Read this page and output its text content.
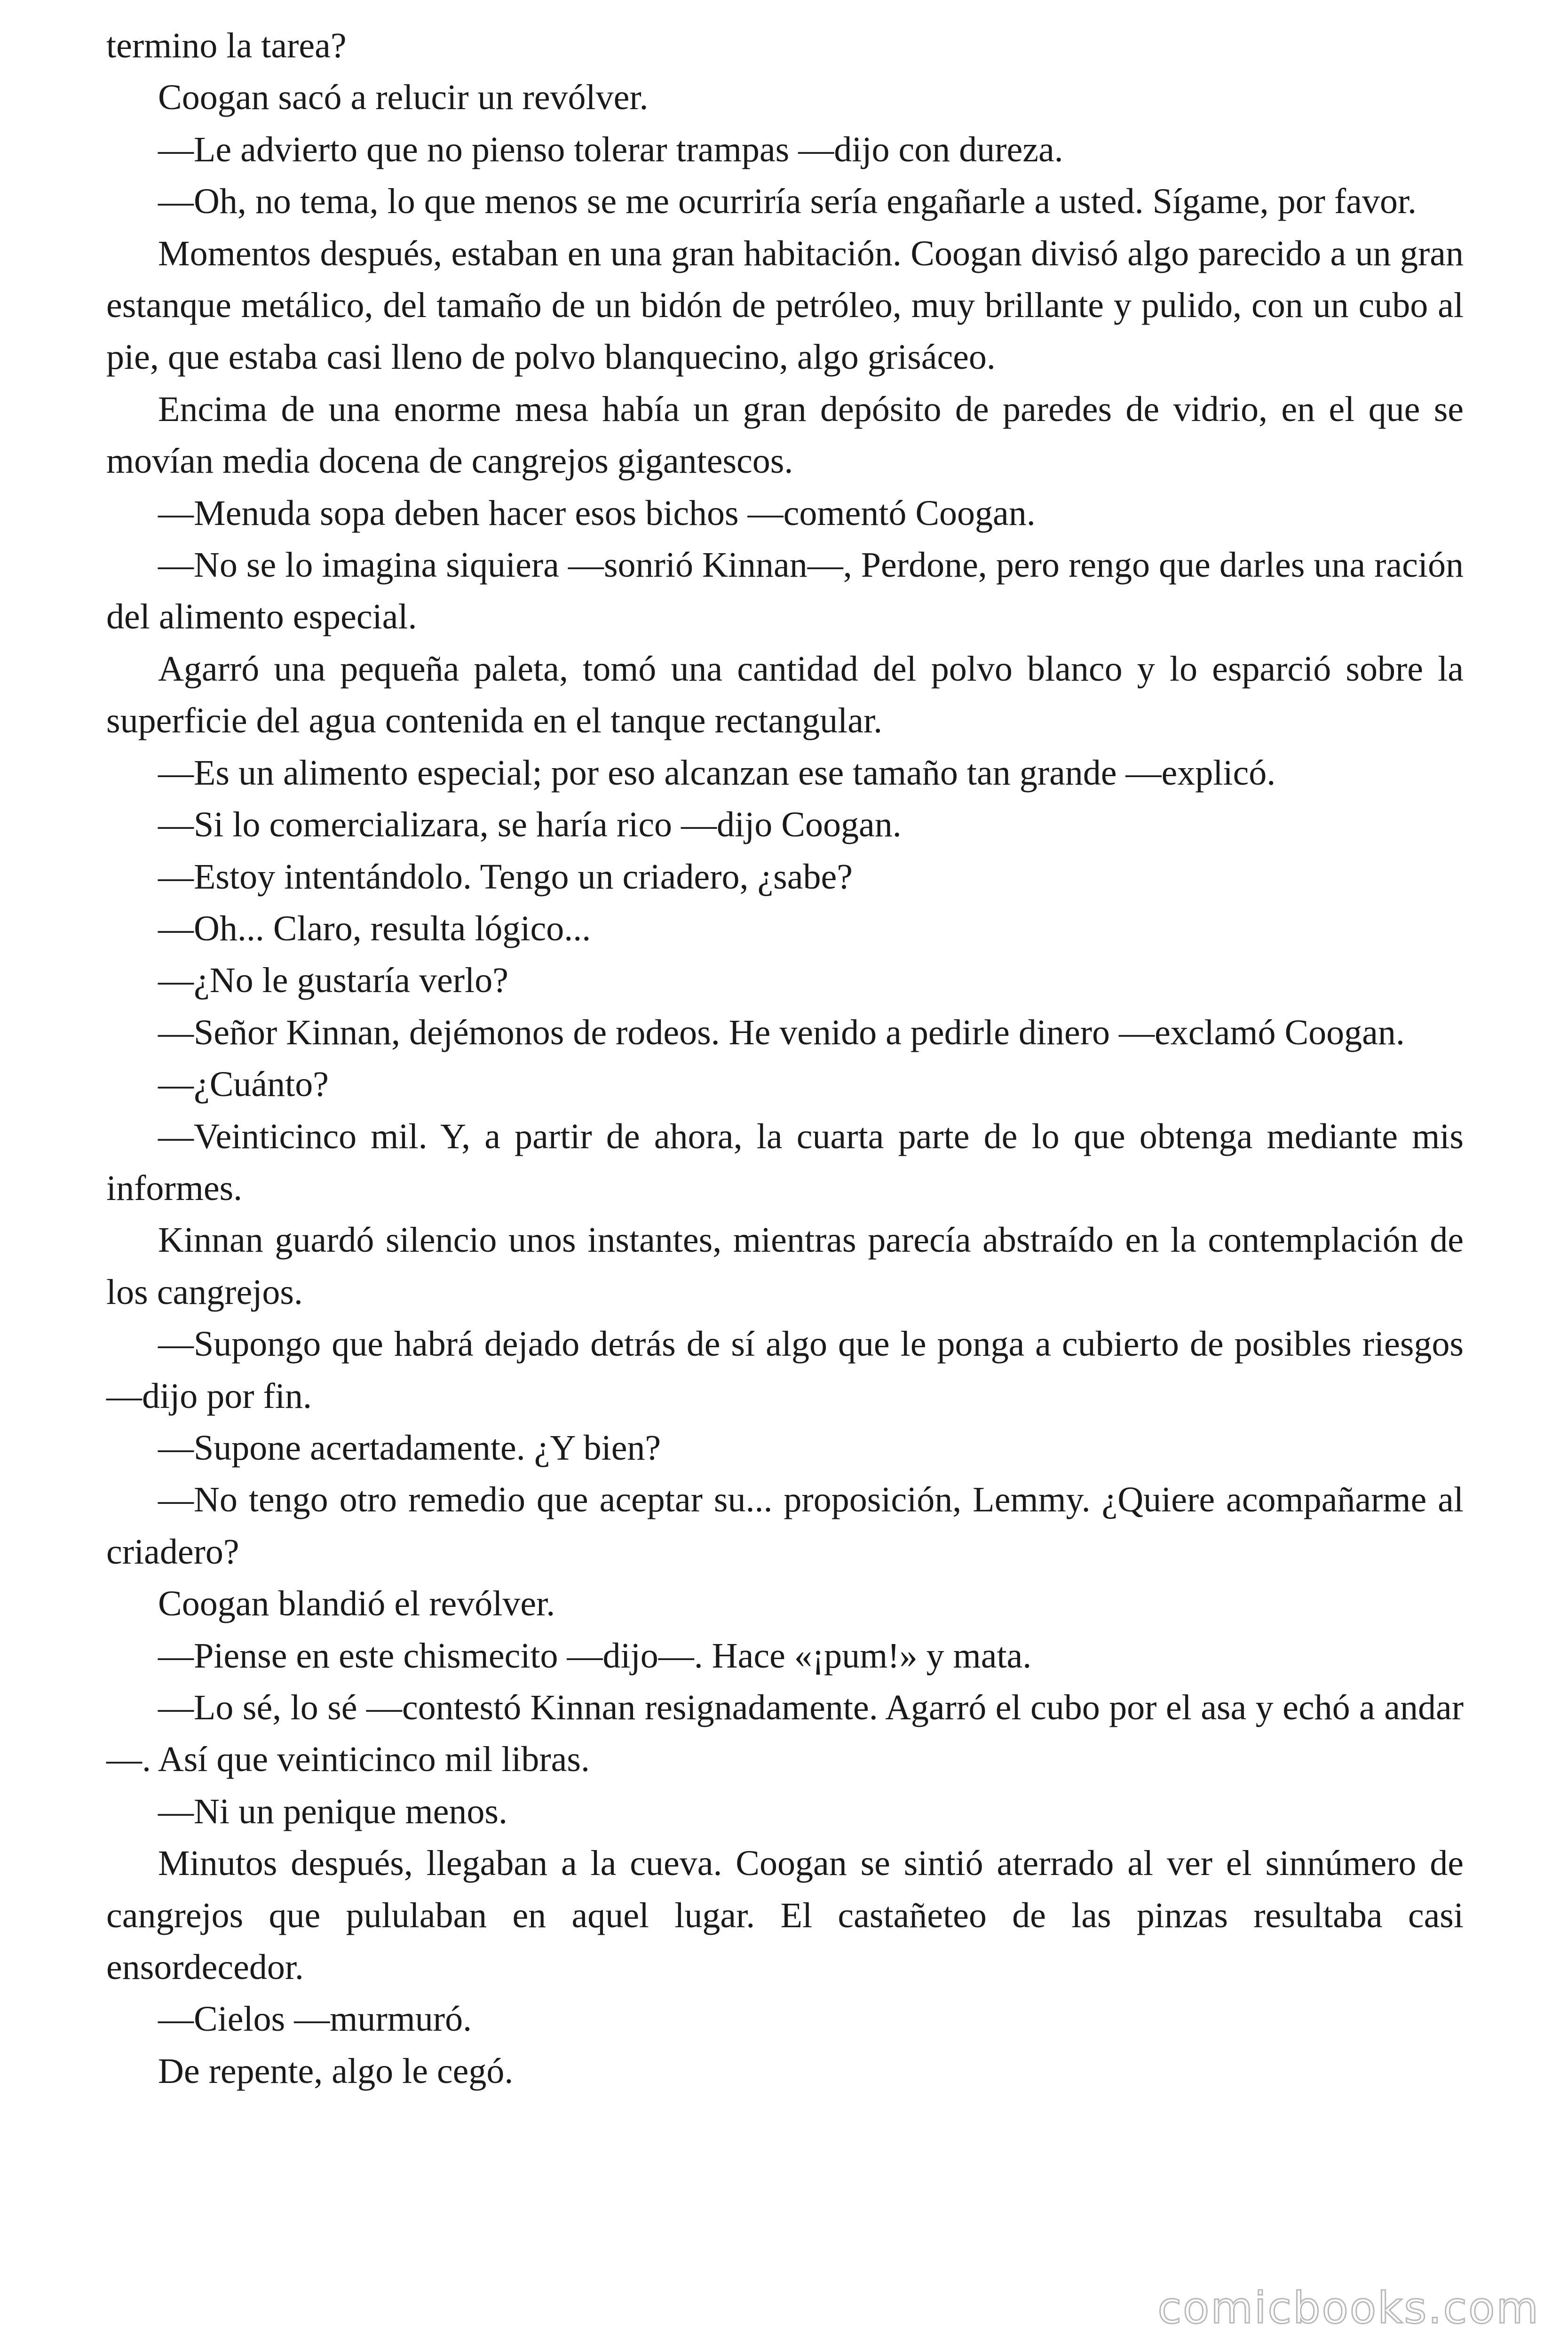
termino la tarea?

Coogan sacó a relucir un revólver.

—Le advierto que no pienso tolerar trampas —dijo con dureza.

—Oh, no tema, lo que menos se me ocurriría sería engañarle a usted. Sígame, por favor.

Momentos después, estaban en una gran habitación. Coogan divisó algo parecido a un gran estanque metálico, del tamaño de un bidón de petróleo, muy brillante y pulido, con un cubo al pie, que estaba casi lleno de polvo blanquecino, algo grisáceo.

Encima de una enorme mesa había un gran depósito de paredes de vidrio, en el que se movían media docena de cangrejos gigantescos.

—Menuda sopa deben hacer esos bichos —comentó Coogan.

—No se lo imagina siquiera —sonrió Kinnan—, Perdone, pero rengo que darles una ración del alimento especial.

Agarró una pequeña paleta, tomó una cantidad del polvo blanco y lo esparció sobre la superficie del agua contenida en el tanque rectangular.

—Es un alimento especial; por eso alcanzan ese tamaño tan grande —explicó.

—Si lo comercializara, se haría rico —dijo Coogan.

—Estoy intentándolo. Tengo un criadero, ¿sabe?

—Oh... Claro, resulta lógico...

—¿No le gustaría verlo?

—Señor Kinnan, dejémonos de rodeos. He venido a pedirle dinero —exclamó Coogan.

—¿Cuánto?

—Veinticinco mil. Y, a partir de ahora, la cuarta parte de lo que obtenga mediante mis informes.

Kinnan guardó silencio unos instantes, mientras parecía abstraído en la contemplación de los cangrejos.

—Supongo que habrá dejado detrás de sí algo que le ponga a cubierto de posibles riesgos —dijo por fin.

—Supone acertadamente. ¿Y bien?

—No tengo otro remedio que aceptar su... proposición, Lemmy. ¿Quiere acompañarme al criadero?

Coogan blandió el revólver.

—Piense en este chismecito —dijo—. Hace «¡pum!» y mata.

—Lo sé, lo sé —contestó Kinnan resignadamente. Agarró el cubo por el asa y echó a andar—. Así que veinticinco mil libras.

—Ni un penique menos.

Minutos después, llegaban a la cueva. Coogan se sintió aterrado al ver el sinnúmero de cangrejos que pululaban en aquel lugar. El castañeteo de las pinzas resultaba casi ensordecedor.

—Cielos —murmuró.

De repente, algo le cegó.

comicbooks.com
